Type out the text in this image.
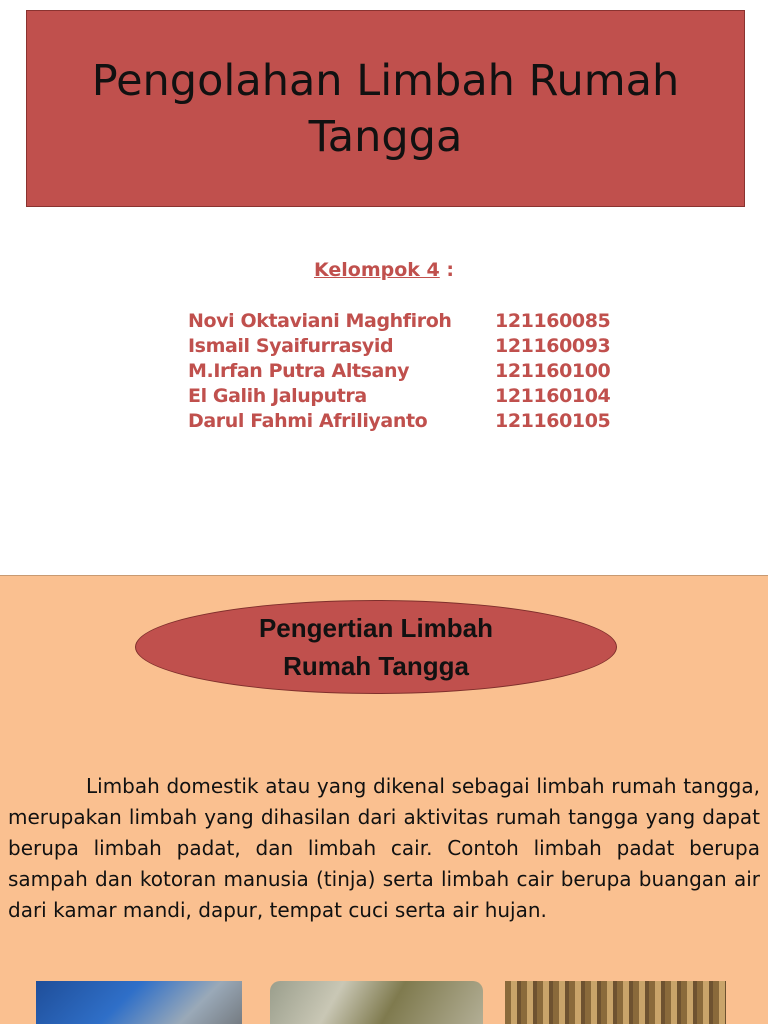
Pengolahan Limbah Rumah Tangga
Kelompok 4 :
Novi Oktaviani Maghfiroh 121160085
Ismail Syaifurrasyid	121160093
M.Irfan Putra Altsany	121160100
El Galih Jaluputra	121160104
Darul Fahmi Afriliyanto	121160105
Pengertian Limbah Rumah Tangga
Limbah domestik atau yang dikenal sebagai limbah rumah tangga, merupakan limbah yang dihasilan dari aktivitas rumah tangga yang dapat berupa limbah padat, dan limbah cair. Contoh limbah padat berupa sampah dan kotoran manusia (tinja) serta limbah cair berupa buangan air dari kamar mandi, dapur, tempat cuci serta air hujan.
